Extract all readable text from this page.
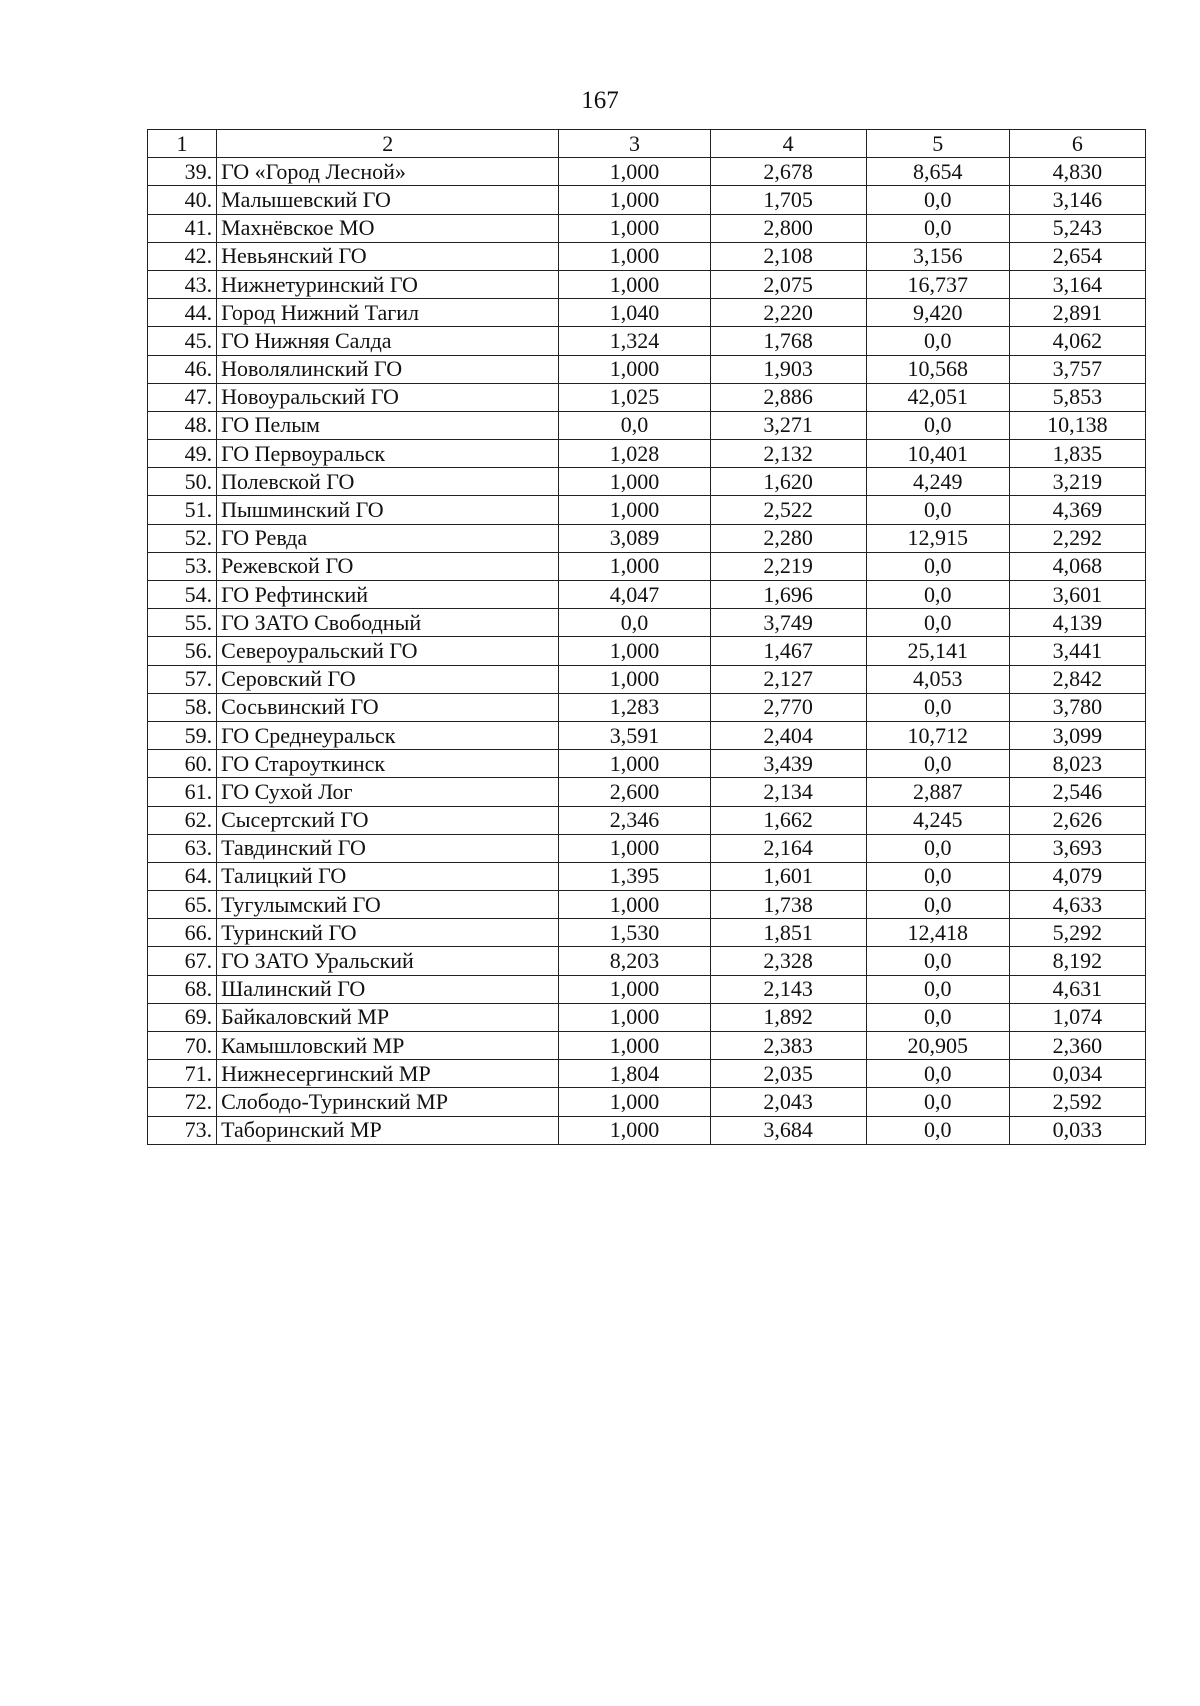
167
1	2	3	4	5	6
39.	ГО «Город Лесной»	1,000	2,678	8,654	4,830
40.	Малышевский ГО	1,000	1,705	0,0	3,146
41.	Махнёвское МО	1,000	2,800	0,0	5,243
42.	Невьянский ГО	1,000	2,108	3,156	2,654
43.	Нижнетуринский ГО	1,000	2,075	16,737	3,164
44.	Город Нижний Тагил	1,040	2,220	9,420	2,891
45.	ГО Нижняя Салда	1,324	1,768	0,0	4,062
46.	Новолялинский ГО	1,000	1,903	10,568	3,757
47.	Новоуральский ГО	1,025	2,886	42,051	5,853
48.	ГО Пелым	0,0	3,271	0,0	10,138
49.	ГО Первоуральск	1,028	2,132	10,401	1,835
50.	Полевской ГО	1,000	1,620	4,249	3,219
51.	Пышминский ГО	1,000	2,522	0,0	4,369
52.	ГО Ревда	3,089	2,280	12,915	2,292
53.	Режевской ГО	1,000	2,219	0,0	4,068
54.	ГО Рефтинский	4,047	1,696	0,0	3,601
55.	ГО ЗАТО Свободный	0,0	3,749	0,0	4,139
56.	Североуральский ГО	1,000	1,467	25,141	3,441
57.	Серовский ГО	1,000	2,127	4,053	2,842
58.	Сосьвинский ГО	1,283	2,770	0,0	3,780
59.	ГО Среднеуральск	3,591	2,404	10,712	3,099
60.	ГО Староуткинск	1,000	3,439	0,0	8,023
61.	ГО Сухой Лог	2,600	2,134	2,887	2,546
62.	Сысертский ГО	2,346	1,662	4,245	2,626
63.	Тавдинский ГО	1,000	2,164	0,0	3,693
64.	Талицкий ГО	1,395	1,601	0,0	4,079
65.	Тугулымский ГО	1,000	1,738	0,0	4,633
66.	Туринский ГО	1,530	1,851	12,418	5,292
67.	ГО ЗАТО Уральский	8,203	2,328	0,0	8,192
68.	Шалинский ГО	1,000	2,143	0,0	4,631
69.	Байкаловский МР	1,000	1,892	0,0	1,074
70.	Камышловский МР	1,000	2,383	20,905	2,360
71.	Нижнесергинский МР	1,804	2,035	0,0	0,034
72.	Слободо-Туринский МР	1,000	2,043	0,0	2,592
73.	Таборинский МР	1,000	3,684	0,0	0,033
